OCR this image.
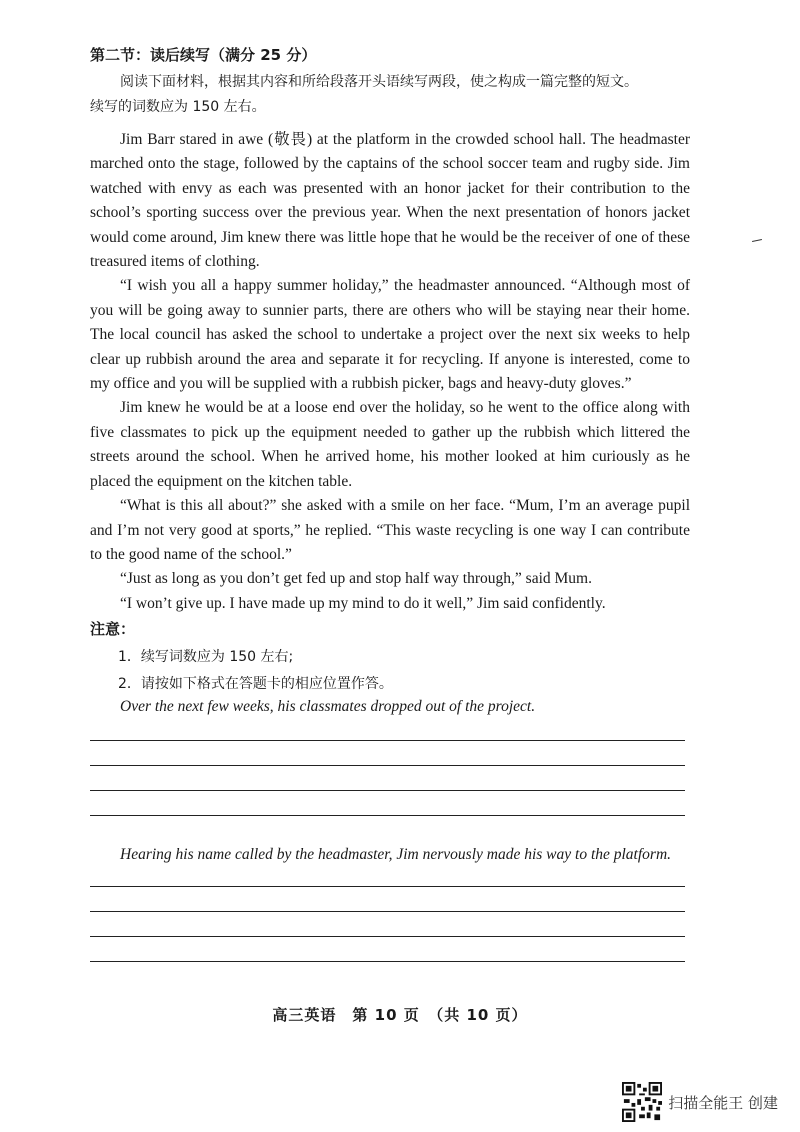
第二节：读后续写（满分 25 分）
阅读下面材料，根据其内容和所给段落开头语续写两段，使之构成一篇完整的短文。
续写的词数应为 150 左右。

Jim Barr stared in awe (敬畏) at the platform in the crowded school hall. The headmaster marched onto the stage, followed by the captains of the school soccer team and rugby side. Jim watched with envy as each was presented with an honor jacket for their contribution to the school’s sporting success over the previous year. When the next presentation of honors jacket would come around, Jim knew there was little hope that he would be the receiver of one of these treasured items of clothing.

“I wish you all a happy summer holiday,” the headmaster announced. “Although most of you will be going away to sunnier parts, there are others who will be staying near their home. The local council has asked the school to undertake a project over the next six weeks to help clear up rubbish around the area and separate it for recycling. If anyone is interested, come to my office and you will be supplied with a rubbish picker, bags and heavy-duty gloves.”

Jim knew he would be at a loose end over the holiday, so he went to the office along with five classmates to pick up the equipment needed to gather up the rubbish which littered the streets around the school. When he arrived home, his mother looked at him curiously as he placed the equipment on the kitchen table.

“What is this all about?” she asked with a smile on her face. “Mum, I’m an average pupil and I’m not very good at sports,” he replied. “This waste recycling is one way I can contribute to the good name of the school.”

“Just as long as you don’t get fed up and stop half way through,” said Mum.

“I won’t give up. I have made up my mind to do it well,” Jim said confidently.

注意：
1．续写词数应为 150 左右;
2．请按如下格式在答题卡的相应位置作答。
Over the next few weeks, his classmates dropped out of the project.
Hearing his name called by the headmaster, Jim nervously made his way to the platform.
高三英语　第 10 页　（共 10 页）
扫描全能王 创建
